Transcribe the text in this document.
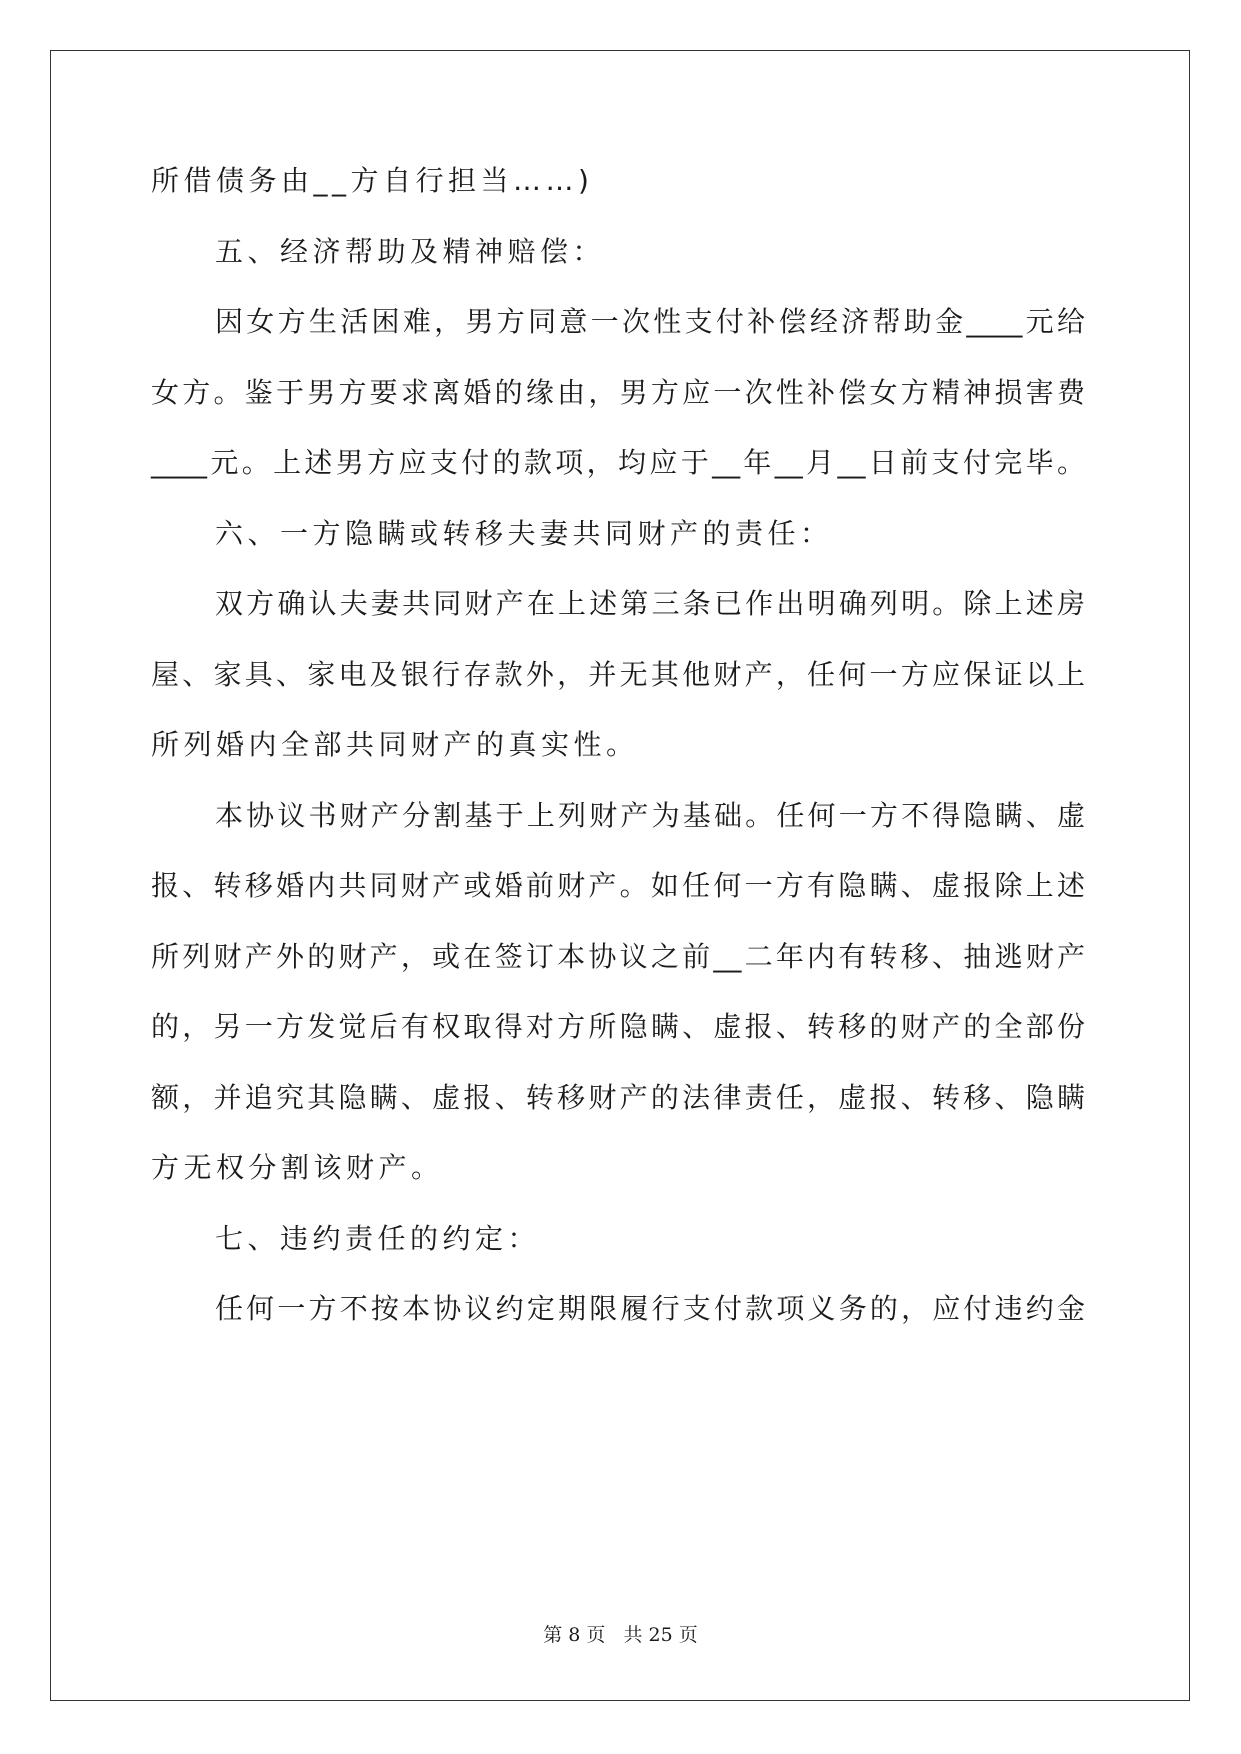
所借债务由__方自行担当……)
五、经济帮助及精神赔偿：
因女方生活困难，男方同意一次性支付补偿经济帮助金____元给
女方。鉴于男方要求离婚的缘由，男方应一次性补偿女方精神损害费
____元。上述男方应支付的款项，均应于__年__月__日前支付完毕。
六、一方隐瞒或转移夫妻共同财产的责任：
双方确认夫妻共同财产在上述第三条已作出明确列明。除上述房
屋、家具、家电及银行存款外，并无其他财产，任何一方应保证以上
所列婚内全部共同财产的真实性。
本协议书财产分割基于上列财产为基础。任何一方不得隐瞒、虚
报、转移婚内共同财产或婚前财产。如任何一方有隐瞒、虚报除上述
所列财产外的财产，或在签订本协议之前__二年内有转移、抽逃财产
的，另一方发觉后有权取得对方所隐瞒、虚报、转移的财产的全部份
额，并追究其隐瞒、虚报、转移财产的法律责任，虚报、转移、隐瞒
方无权分割该财产。
七、违约责任的约定：
任何一方不按本协议约定期限履行支付款项义务的，应付违约金
第 8 页 共 25 页
